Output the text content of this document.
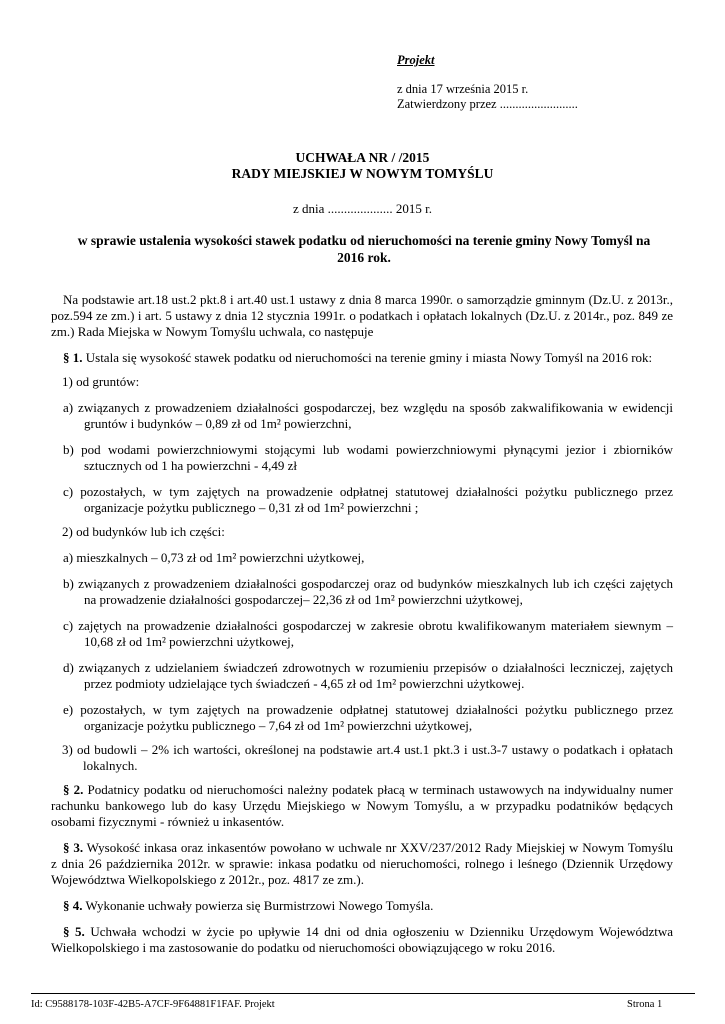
Projekt
z dnia 17 września 2015 r.
Zatwierdzony przez .........................
UCHWAŁA NR / /2015
RADY MIEJSKIEJ W NOWYM TOMYŚLU
z dnia .................... 2015 r.
w sprawie ustalenia wysokości stawek podatku od nieruchomości na terenie gminy Nowy Tomyśl na
2016 rok.

Na podstawie art.18 ust.2 pkt.8 i art.40 ust.1 ustawy z dnia 8 marca 1990r. o samorządzie gminnym (Dz.U. z 2013r., poz.594 ze zm.) i art. 5 ustawy z dnia 12 stycznia 1991r. o podatkach i opłatach lokalnych (Dz.U. z 2014r., poz. 849 ze zm.) Rada Miejska w Nowym Tomyślu uchwala, co następuje

§ 1. Ustala się wysokość stawek podatku od nieruchomości na terenie gminy i miasta Nowy Tomyśl na 2016 rok:

1) od gruntów:

a) związanych z prowadzeniem działalności gospodarczej, bez względu na sposób zakwalifikowania w ewidencji gruntów i budynków – 0,89 zł od 1m² powierzchni,

b) pod wodami powierzchniowymi stojącymi lub wodami powierzchniowymi płynącymi jezior i zbiorników sztucznych od 1 ha powierzchni - 4,49 zł

c) pozostałych, w tym zajętych na prowadzenie odpłatnej statutowej działalności pożytku publicznego przez organizacje pożytku publicznego – 0,31 zł od 1m² powierzchni ;

2) od budynków lub ich części:

a) mieszkalnych – 0,73 zł od 1m² powierzchni użytkowej,

b) związanych z prowadzeniem działalności gospodarczej oraz od budynków mieszkalnych lub ich części zajętych na prowadzenie działalności gospodarczej– 22,36 zł od 1m² powierzchni użytkowej,

c) zajętych na prowadzenie działalności gospodarczej w zakresie obrotu kwalifikowanym materiałem siewnym – 10,68 zł od 1m² powierzchni użytkowej,

d) związanych z udzielaniem świadczeń zdrowotnych w rozumieniu przepisów o działalności leczniczej, zajętych przez podmioty udzielające tych świadczeń - 4,65 zł od 1m² powierzchni użytkowej.

e) pozostałych, w tym zajętych na prowadzenie odpłatnej statutowej działalności pożytku publicznego przez organizacje pożytku publicznego – 7,64 zł od 1m² powierzchni użytkowej,

3) od budowli – 2% ich wartości, określonej na podstawie art.4 ust.1 pkt.3 i ust.3-7 ustawy o podatkach i opłatach lokalnych.

§ 2. Podatnicy podatku od nieruchomości należny podatek płacą w terminach ustawowych na indywidualny numer rachunku bankowego lub do kasy Urzędu Miejskiego w Nowym Tomyślu, a w przypadku podatników będących osobami fizycznymi - również u inkasentów.

§ 3. Wysokość inkasa oraz inkasentów powołano w uchwale nr XXV/237/2012 Rady Miejskiej w Nowym Tomyślu z dnia 26 października 2012r. w sprawie: inkasa podatku od nieruchomości, rolnego i leśnego (Dziennik Urzędowy Województwa Wielkopolskiego z 2012r., poz. 4817 ze zm.).

§ 4. Wykonanie uchwały powierza się Burmistrzowi Nowego Tomyśla.

§ 5. Uchwała wchodzi w życie po upływie 14 dni od dnia ogłoszeniu w Dzienniku Urzędowym Województwa Wielkopolskiego i ma zastosowanie do podatku od nieruchomości obowiązującego w roku 2016.

Id: C9588178-103F-42B5-A7CF-9F64881F1FAF. Projekt	Strona 1
